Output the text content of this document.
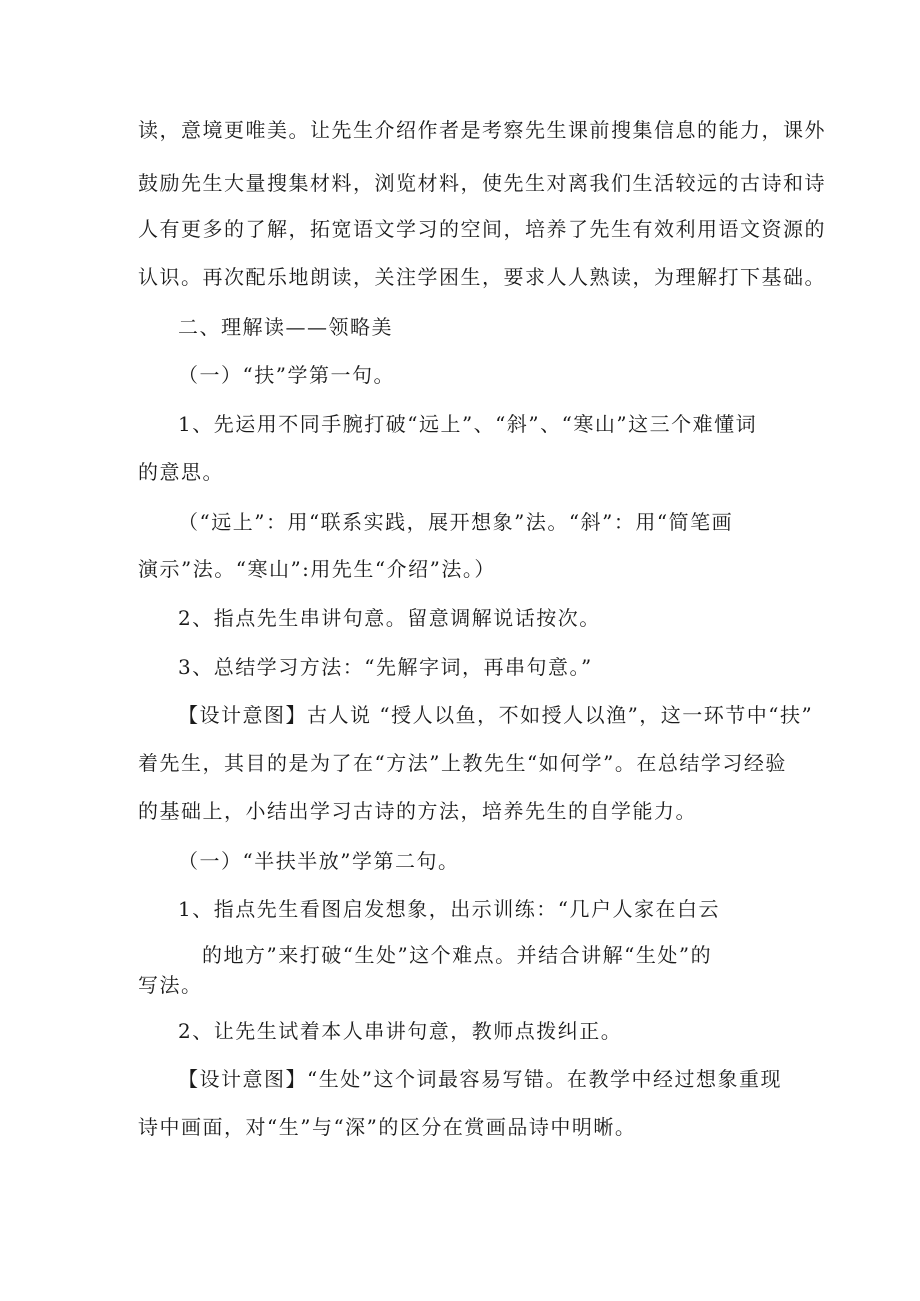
读，意境更唯美。让先生介绍作者是考察先生课前搜集信息的能力，课外
鼓励先生大量搜集材料，浏览材料，使先生对离我们生活较远的古诗和诗
人有更多的了解，拓宽语文学习的空间，培养了先生有效利用语文资源的
认识。再次配乐地朗读，关注学困生，要求人人熟读，为理解打下基础。
二、理解读——领略美
（一）“扶”学第一句。
1、先运用不同手腕打破“远上”、“斜”、“寒山”这三个难懂词
的意思。
（“远上”：用“联系实践，展开想象”法。“斜”：用“简笔画
演示”法。“寒山”:用先生“介绍”法。）
2、指点先生串讲句意。留意调解说话按次。
3、总结学习方法：“先解字词，再串句意。”
【设计意图】古人说 “授人以鱼，不如授人以渔”，这一环节中“扶”
着先生，其目的是为了在“方法”上教先生“如何学”。在总结学习经验
的基础上，小结出学习古诗的方法，培养先生的自学能力。
（一）“半扶半放”学第二句。
1、指点先生看图启发想象，出示训练：“几户人家在白云
的地方”来打破“生处”这个难点。并结合讲解“生处”的
写法。
2、让先生试着本人串讲句意，教师点拨纠正。
【设计意图】“生处”这个词最容易写错。在教学中经过想象重现
诗中画面，对“生”与“深”的区分在赏画品诗中明晰。
